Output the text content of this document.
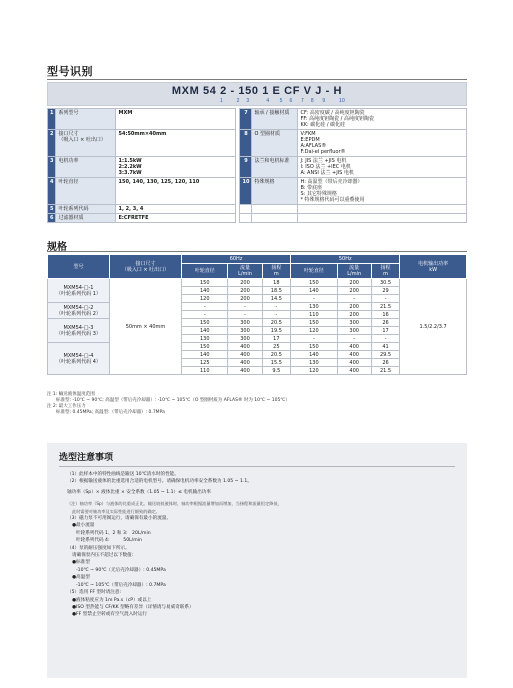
型号识别
MXM 54 2 - 150 1 E CF V J - H
1        2    3          4      5    6     7    8     9        10
1	系列型号	MXM		7	轴承 / 接触材质	CF: 高密度碳 / 高纯度钽陶瓷
FF: 高纯度钽陶瓷 / 高纯度钽陶瓷
KK: 碳化硅 / 碳化硅
2	接口尺寸
（吸入口 × 吐出口）	54:50mm×40mm		8	O 型圈材质	V:FKM
E:EPDM
A:AFLAS®
F:Dai-el perfluor®
3	电机功率	1:1.5kW
2:2.2kW
3:3.7kW		9	法兰和电机标准	J: JIS 法兰 +JIS 电机
I: ISO 法兰 +IEC 电机
A: ANSI 法兰 +JIS 电机
4	叶轮直径	150, 140, 130, 125, 120, 110		10	特殊规格	H: 高温型（带后壳冷却器）
B: 带底座
S: 其它特殊规格
* 特殊规格代码可以重叠使用
5	叶轮系列代码	1, 2, 3, 4				
6	过滤器材质	E:CFRETFE				
规格
型号	接口尺寸
（吸入口 × 吐出口）	60Hz			50Hz			电机输出功率
kW
		叶轮直径	流量
L/min	扬程
m	叶轮直径	流量
L/min	扬程
m	
MXM54-□-1
（叶轮系列代码 1）	50mm × 40mm	150	200	18	150	200	30.5	1.5/2.2/3.7
		140	200	18.5	140	200	29	
		120	200	14.5	-	-	-	
MXM54-□-2
（叶轮系列代码 2）		-	-	-	130	200	21.5	
		-	-	-	110	200	16	
MXM54-□-3
（叶轮系列代码 3）		150	300	20.5	150	300	26	
		140	300	19.5	120	300	17	
		130	300	17	-	-	-	
MXM54-□-4
（叶轮系列代码 4）		150	400	25	150	400	41	
		140	400	20.5	140	400	29.5	
		125	400	15.5	130	400	26	
		110	400	9.5	120	400	21.5	
注 1: 輸送液体温度范围
　　标准型: -10℃ ~ 90℃; 高温型（带后壳冷却器）: -10℃ ~ 105℃（O 型圈材质为 AFLAS® 时为 10℃ ~ 105℃）
注 2: 最大工作压力
　　标准型: 0.45MPa; 高温型:（带后壳冷却器）: 0.7MPa
选型注意事项
（1）此样本中的特性曲线是输送 10℃清水时的性能。
（2）根据输送液体的比重选用合适的电机型号。请确保电机功率安全系数为 1.05 ~ 1.1。
轴功率（Sp）× 液体比重 × 安全系数（1.05 ~ 1.1）≤ 电机输出功率
（注）轴功率（Sp）与液体的比重成正比。输送较低液体时，轴功率根据流量增加而增加，当扬程和流量恒定降低，
此时需要对轴功率及实际性能进行细致的确定。
（3）磁力泵不可用阀运行，请确保有最小的流量。
●最小流量
叶轮系列代码 1、2 和 3:　20L/min
叶轮系列代码 4:　　　50L/min
（4）泵的耐压强度如下所示。
请确保泵内压不超过以下数值:
●标准型
-10℃ ~ 90℃（无后壳冷却器）: 0.45MPa
●高温型
-10℃ ~ 105℃（带后壳冷却器）: 0.7MPa
（5）选用 FF 型时请注意:
●液体粘度应为 1m Pa.s（cP）或以上
●ISO 型热能与 CF/KK 型略有差异（详情请与易威奇联系）
●FF 型禁止空转或有空气混入时运行
